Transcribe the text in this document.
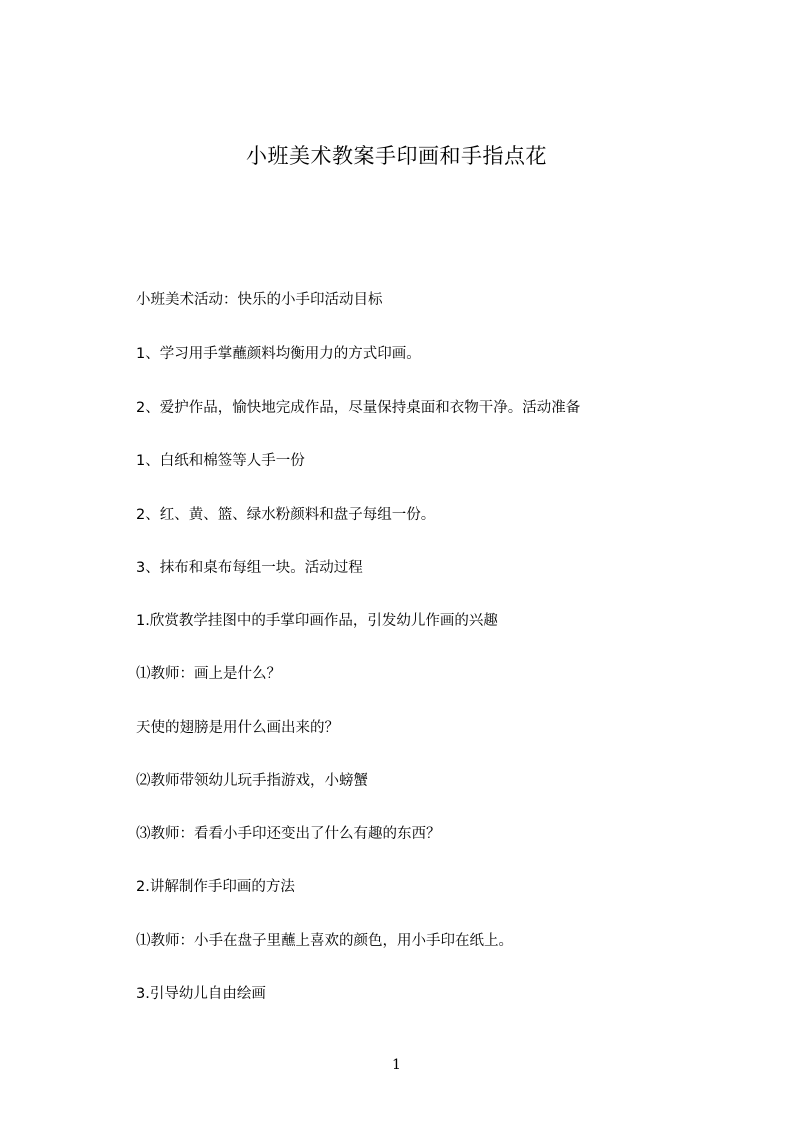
小班美术教案手印画和手指点花
小班美术活动：快乐的小手印活动目标
1、学习用手掌蘸颜料均衡用力的方式印画。
2、爱护作品，愉快地完成作品，尽量保持桌面和衣物干净。活动准备
1、白纸和棉签等人手一份
2、红、黄、篮、绿水粉颜料和盘子每组一份。
3、抹布和桌布每组一块。活动过程
1.欣赏教学挂图中的手掌印画作品，引发幼儿作画的兴趣
⑴教师：画上是什么？
天使的翅膀是用什么画出来的？
⑵教师带领幼儿玩手指游戏，小螃蟹
⑶教师：看看小手印还变出了什么有趣的东西？
2.讲解制作手印画的方法
⑴教师：小手在盘子里蘸上喜欢的颜色，用小手印在纸上。
3.引导幼儿自由绘画
1
